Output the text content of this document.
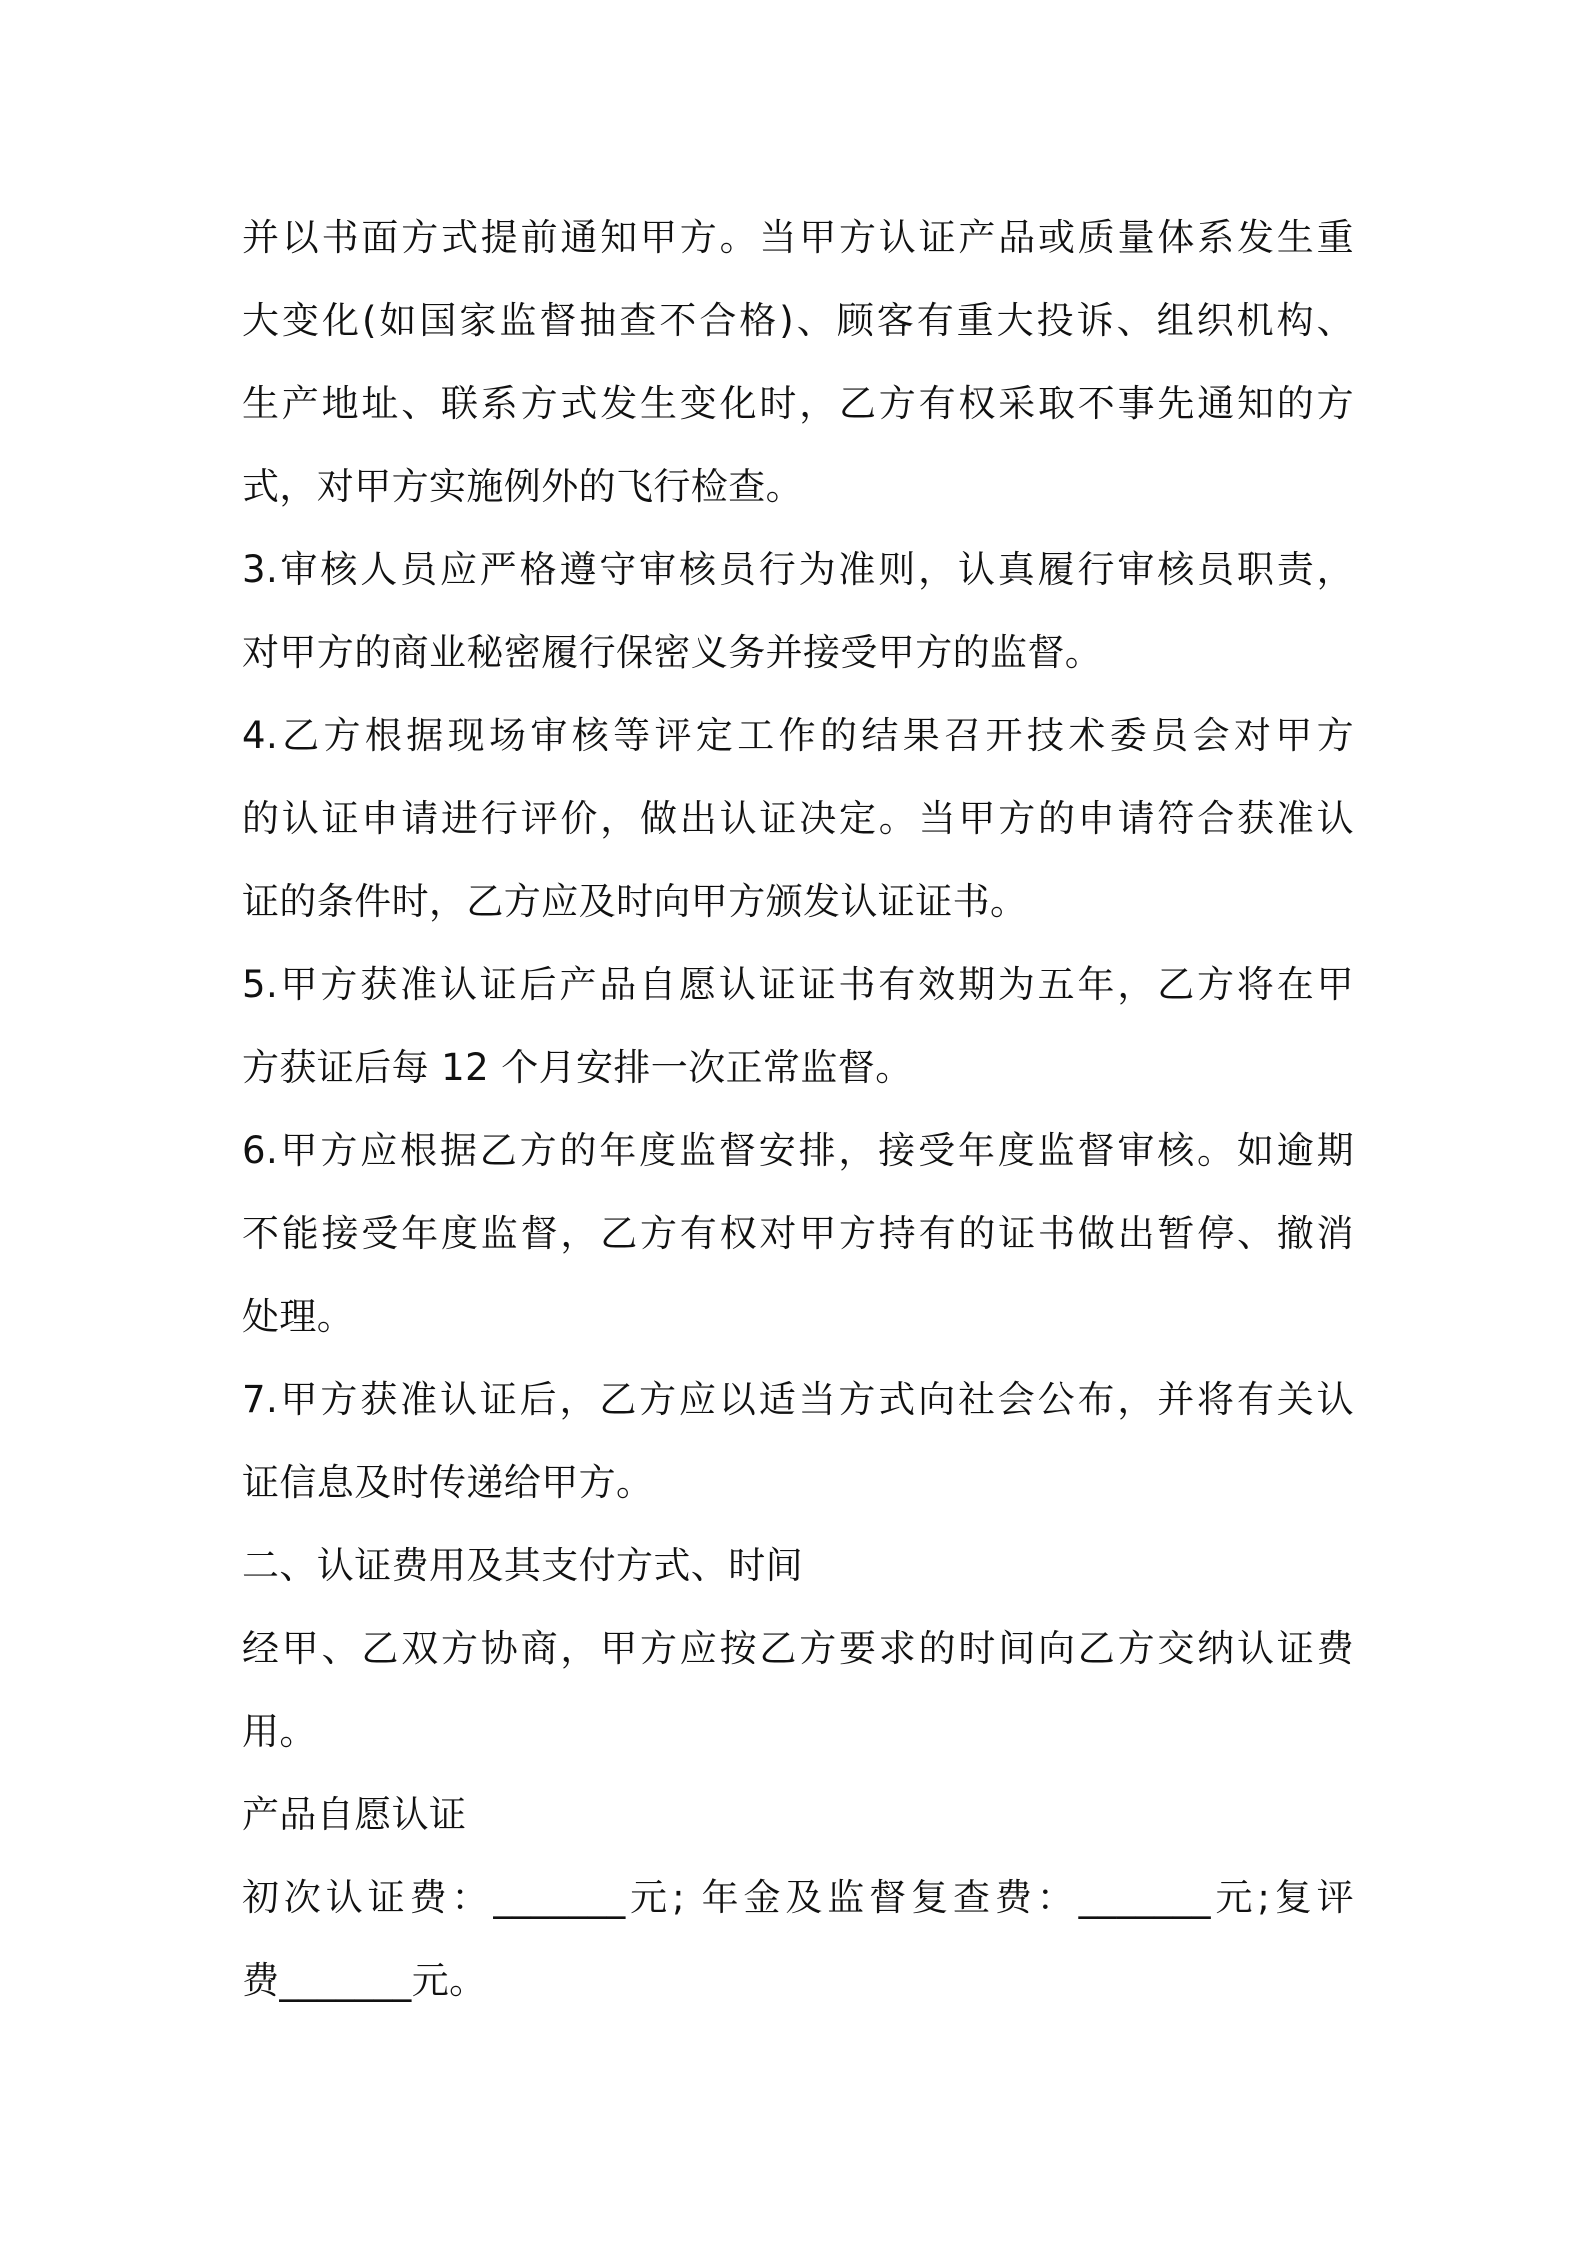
并以书面方式提前通知甲方。当甲方认证产品或质量体系发生重
大变化(如国家监督抽查不合格)、顾客有重大投诉、组织机构、
生产地址、联系方式发生变化时，乙方有权采取不事先通知的方
式，对甲方实施例外的飞行检查。
3.审核人员应严格遵守审核员行为准则，认真履行审核员职责，
对甲方的商业秘密履行保密义务并接受甲方的监督。
4.乙方根据现场审核等评定工作的结果召开技术委员会对甲方
的认证申请进行评价，做出认证决定。当甲方的申请符合获准认
证的条件时，乙方应及时向甲方颁发认证证书。
5.甲方获准认证后产品自愿认证证书有效期为五年，乙方将在甲
方获证后每 12 个月安排一次正常监督。
6.甲方应根据乙方的年度监督安排，接受年度监督审核。如逾期
不能接受年度监督，乙方有权对甲方持有的证书做出暂停、撤消
处理。
7.甲方获准认证后，乙方应以适当方式向社会公布，并将有关认
证信息及时传递给甲方。
二、认证费用及其支付方式、时间
经甲、乙双方协商，甲方应按乙方要求的时间向乙方交纳认证费
用。
产品自愿认证
初次认证费：_______元; 年金及监督复查费：_______元;复评
费_______元。
